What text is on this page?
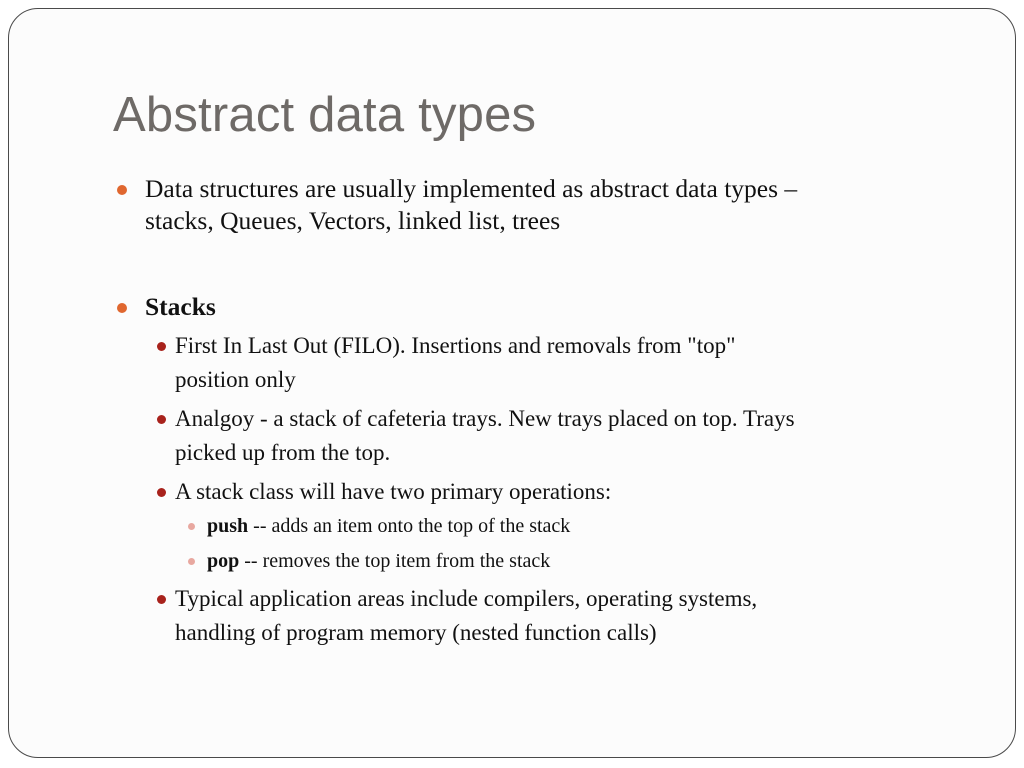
Abstract data types
Data structures are usually implemented as abstract data types –
stacks, Queues, Vectors, linked list, trees
Stacks
First In Last Out (FILO). Insertions and removals from "top"
position only
Analgoy - a stack of cafeteria trays. New trays placed on top. Trays
picked up from the top.
A stack class will have two primary operations:
push -- adds an item onto the top of the stack
pop -- removes the top item from the stack
Typical application areas include compilers, operating systems,
handling of program memory (nested function calls)
